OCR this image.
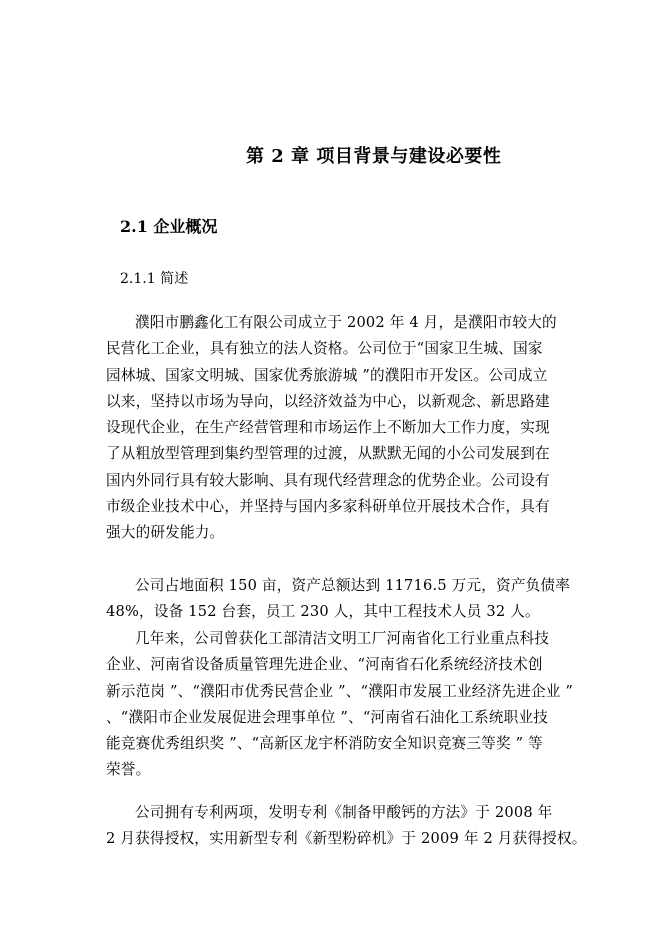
第 2 章 项目背景与建设必要性
2.1 企业概况
2.1.1 简述
濮阳市鹏鑫化工有限公司成立于 2002 年 4 月，是濮阳市较大的
民营化工企业，具有独立的法人资格。公司位于“国家卫生城、国家
园林城、国家文明城、国家优秀旅游城 ”的濮阳市开发区。公司成立
以来，坚持以市场为导向，以经济效益为中心，以新观念、新思路建
设现代企业，在生产经营管理和市场运作上不断加大工作力度，实现
了从粗放型管理到集约型管理的过渡，从默默无闻的小公司发展到在
国内外同行具有较大影响、具有现代经营理念的优势企业。公司设有
市级企业技术中心，并坚持与国内多家科研单位开展技术合作，具有
强大的研发能力。
公司占地面积 150 亩，资产总额达到 11716.5 万元，资产负债率
48%，设备 152 台套，员工 230 人，其中工程技术人员 32 人。
几年来，公司曾获化工部清洁文明工厂河南省化工行业重点科技
企业、河南省设备质量管理先进企业、“河南省石化系统经济技术创
新示范岗 ”、“濮阳市优秀民营企业 ”、“濮阳市发展工业经济先进企业 ”
、“濮阳市企业发展促进会理事单位 ”、“河南省石油化工系统职业技
能竞赛优秀组织奖 ”、“高新区龙宇杯消防安全知识竞赛三等奖 ” 等
荣誉。
公司拥有专利两项，发明专利《制备甲酸钙的方法》于 2008 年
2 月获得授权，实用新型专利《新型粉碎机》于 2009 年 2 月获得授权。
